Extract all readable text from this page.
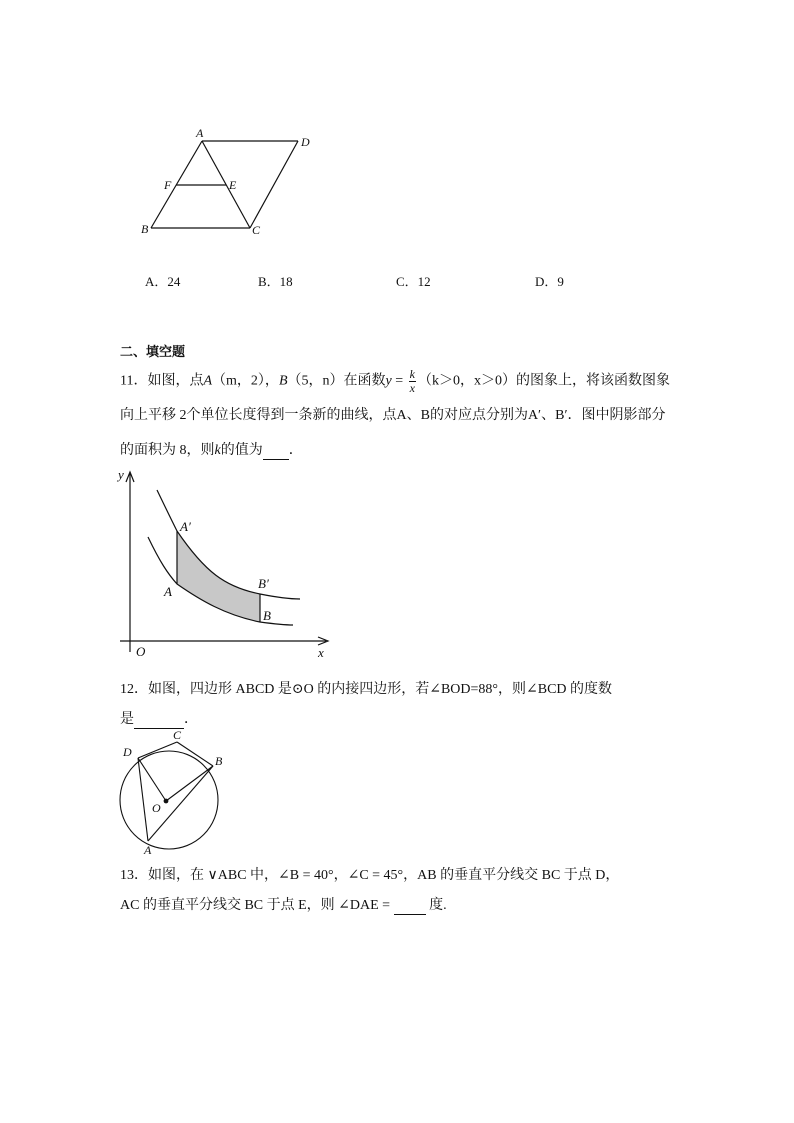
A
D
F	E
B	C
A．24	B．18	C．12	D．9
二、填空题
11．如图，点A（m，2），B（5，n）在函数$y = \frac{k}{x} (k>0$，x＞0）的图象上，将该函数图象
向上平移 2个单位长度得到一条新的曲线，点A、B的对应点分别为A′、B′．图中阴影部分
的面积为 8，则k的值为 ．
y
x
O
A′
A
B′
B
12．如图，四边形 ABCD 是⊙O 的内接四边形，若∠BOD=88°，则∠BCD 的度数
是	．
D
C
B
O
A
13．如图，在 ∨ABC 中，∠B = 40°，∠C = 45°，AB 的垂直平分线交 BC 于点 D，
AC 的垂直平分线交 BC 于点 E，则 ∠DAE =   度.
